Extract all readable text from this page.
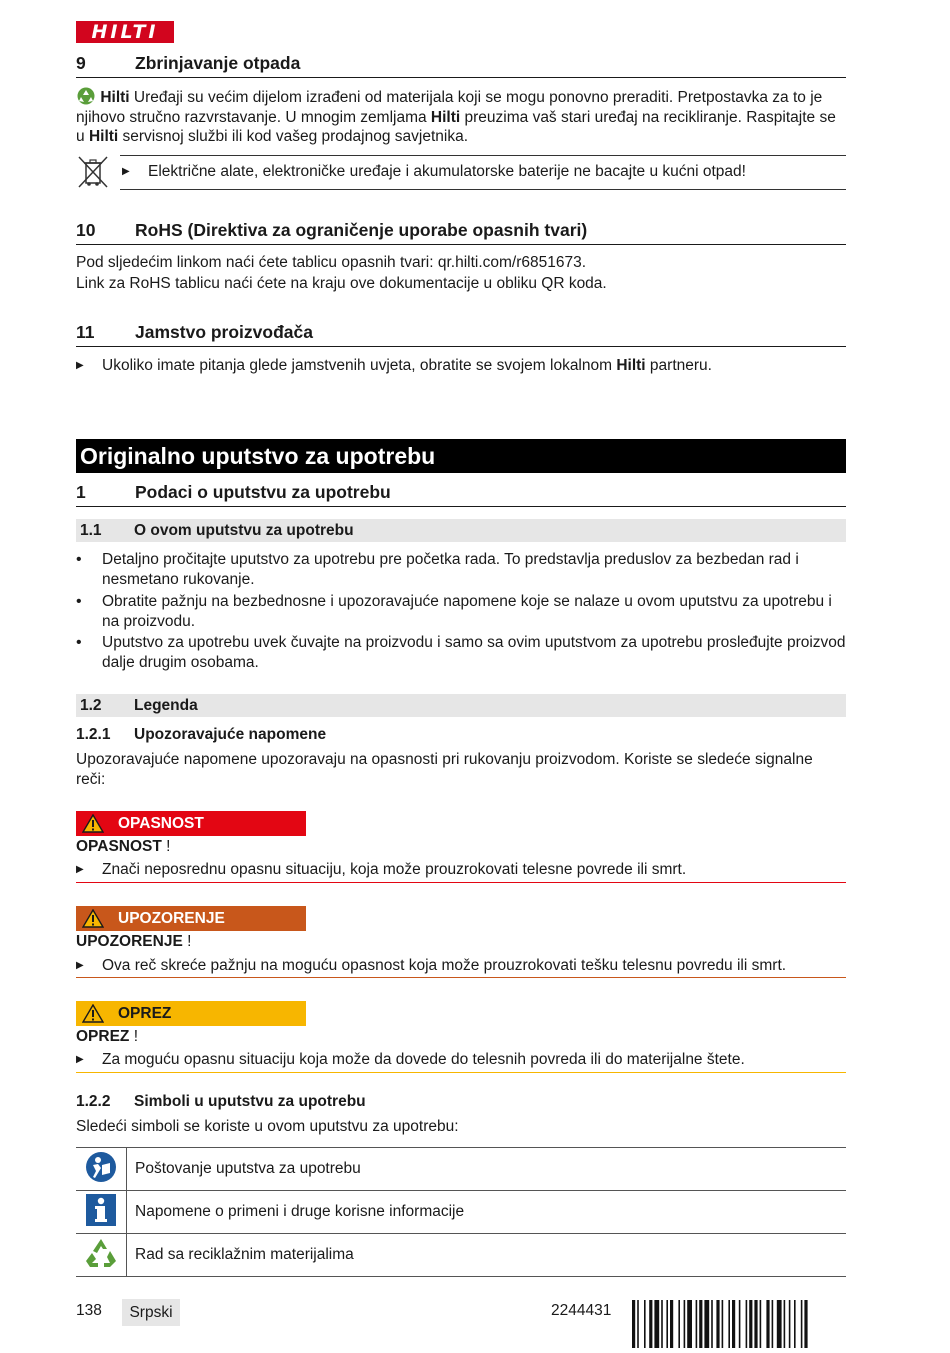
HILTI
9	Zbrinjavanje otpada
Hilti Uređaji su većim dijelom izrađeni od materijala koji se mogu ponovno preraditi. Pretpostavka za to je njihovo stručno razvrstavanje. U mnogim zemljama Hilti preuzima vaš stari uređaj na recikliranje. Raspitajte se u Hilti servisnoj službi ili kod vašeg prodajnog savjetnika.
▶ Električne alate, elektroničke uređaje i akumulatorske baterije ne bacajte u kućni otpad!
10 RoHS (Direktiva za ograničenje uporabe opasnih tvari)
Pod sljedećim linkom naći ćete tablicu opasnih tvari: qr.hilti.com/r6851673.
Link za RoHS tablicu naći ćete na kraju ove dokumentacije u obliku QR koda.
11 Jamstvo proizvođača
▶ Ukoliko imate pitanja glede jamstvenih uvjeta, obratite se svojem lokalnom Hilti partneru.
Originalno uputstvo za upotrebu
1	Podaci o uputstvu za upotrebu
1.1 O ovom uputstvu za upotrebu
• Detaljno pročitajte uputstvo za upotrebu pre početka rada. To predstavlja preduslov za bezbedan rad i nesmetano rukovanje.
• Obratite pažnju na bezbednosne i upozoravajuće napomene koje se nalaze u ovom uputstvu za upotrebu i na proizvodu.
• Uputstvo za upotrebu uvek čuvajte na proizvodu i samo sa ovim uputstvom za upotrebu prosleđujte proizvod dalje drugim osobama.
1.2 Legenda
1.2.1 Upozoravajuće napomene
Upozoravajuće napomene upozoravaju na opasnosti pri rukovanju proizvodom. Koriste se sledeće signalne reči:
OPASNOST
OPASNOST !
▶ Znači neposrednu opasnu situaciju, koja može prouzrokovati telesne povrede ili smrt.
UPOZORENJE
UPOZORENJE !
▶ Ova reč skreće pažnju na moguću opasnost koja može prouzrokovati tešku telesnu povredu ili smrt.
OPREZ
OPREZ !
▶ Za moguću opasnu situaciju koja može da dovede do telesnih povreda ili do materijalne štete.
1.2.2 Simboli u uputstvu za upotrebu
Sledeći simboli se koriste u ovom uputstvu za upotrebu:
	Poštovanje uputstva za upotrebu
	Napomene o primeni i druge korisne informacije
	Rad sa reciklažnim materijalima
138	Srpski	2244431
